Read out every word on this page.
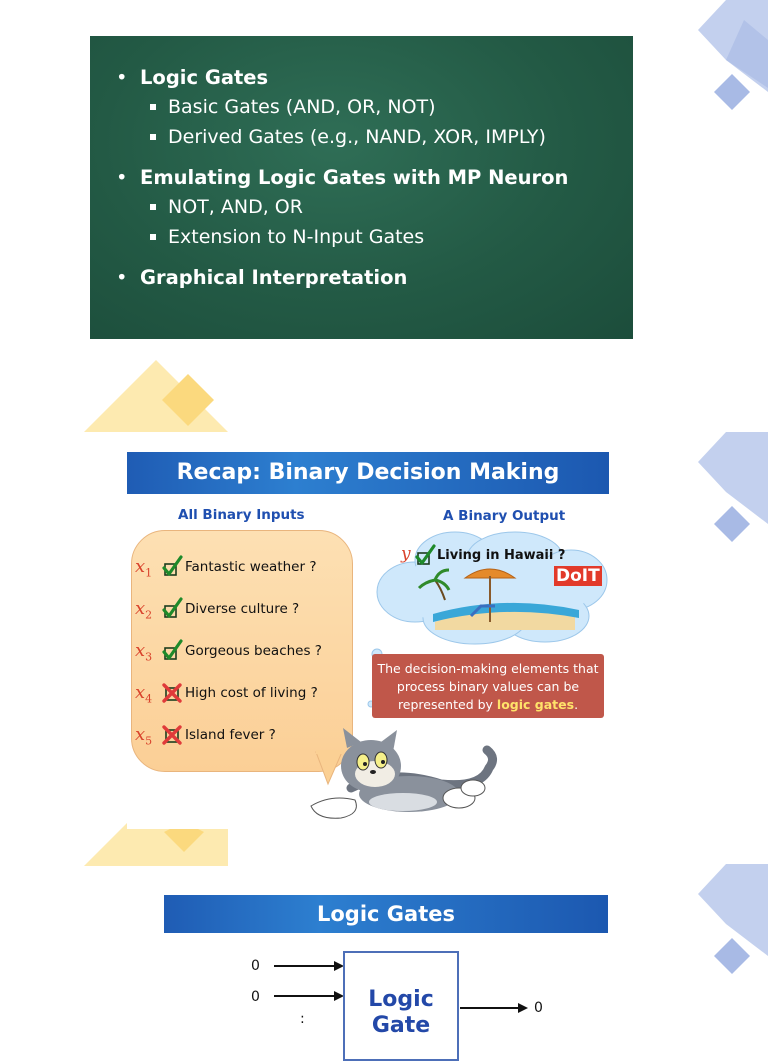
• Logic Gates
Basic Gates (AND, OR, NOT)
Derived Gates (e.g., NAND, XOR, IMPLY)
• Emulating Logic Gates with MP Neuron
NOT, AND, OR
Extension to N-Input Gates
• Graphical Interpretation
Recap: Binary Decision Making
All Binary Inputs	A Binary Output
$x_1$ Fantastic weather ?
$x_2$ Diverse culture ?
$x_3$ Gorgeous beaches ?
$x_4$ High cost of living ?
$x_5$ Island fever ?
y Living in Hawaii ?
DoIT
The decision-making elements that process binary values can be represented by logic gates.
Logic Gates
0
0
:
Logic Gate
0
